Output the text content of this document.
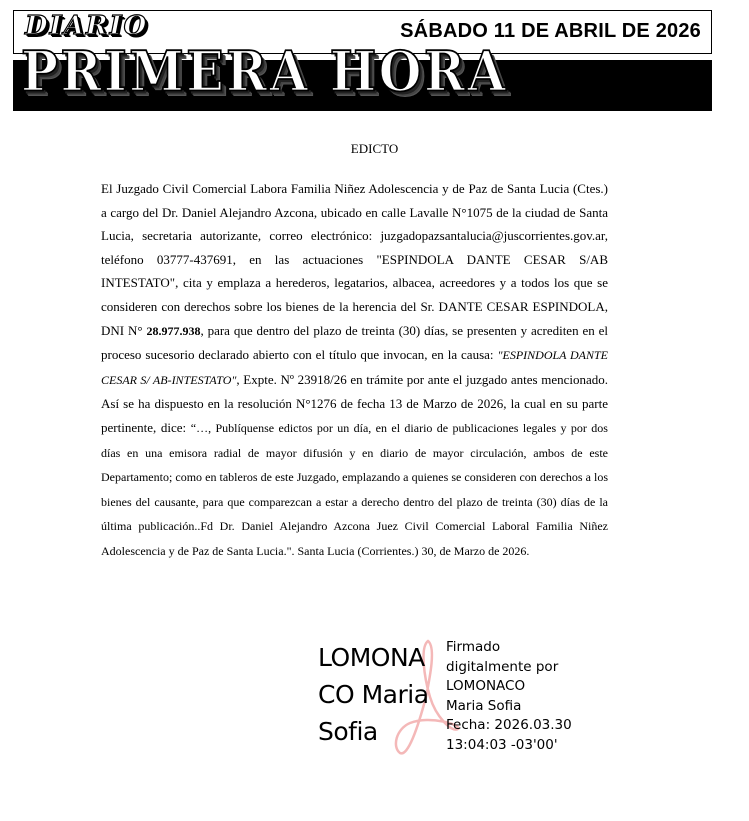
SÁBADO 11 DE ABRIL DE 2026
-   EDICTOS -
DIARIO
PRIMERA HORA
EDICTO

El Juzgado Civil Comercial Labora Familia Niñez Adolescencia y de Paz de Santa Lucia (Ctes.) a cargo del Dr. Daniel Alejandro Azcona, ubicado en calle Lavalle N°1075 de la ciudad de Santa Lucia, secretaria autorizante, correo electrónico: juzgadopazsantalucia@juscorrientes.gov.ar, teléfono 03777-437691, en las actuaciones "ESPINDOLA DANTE CESAR S/AB INTESTATO", cita y emplaza a herederos, legatarios, albacea, acreedores y a todos los que se consideren con derechos sobre los bienes de la herencia del Sr. DANTE CESAR ESPINDOLA, DNI N° 28.977.938, para que dentro del plazo de treinta (30) días, se presenten y acrediten en el proceso sucesorio declarado abierto con el título que invocan, en la causa: "ESPINDOLA DANTE CESAR S/ AB-INTESTATO", Expte. Nº 23918/26 en trámite por ante el juzgado antes mencionado. Así se ha dispuesto en la resolución N°1276 de fecha 13 de Marzo de 2026, la cual en su parte pertinente, dice: “…, Publíquense edictos por un día, en el diario de publicaciones legales y por dos días en una emisora radial de mayor difusión y en diario de mayor circulación, ambos de este Departamento; como en tableros de este Juzgado, emplazando a quienes se consideren con derechos a los bienes del causante, para que comparezcan a estar a derecho dentro del plazo de treinta (30) días de la última publicación..Fd Dr. Daniel Alejandro Azcona Juez Civil Comercial Laboral Familia Niñez Adolescencia y de Paz de Santa Lucia.". Santa Lucia (Corrientes.) 30, de Marzo de 2026.

LOMONA
CO Maria
Sofia
Firmado
digitalmente por
LOMONACO
Maria Sofia
Fecha: 2026.03.30
13:04:03 -03'00'
